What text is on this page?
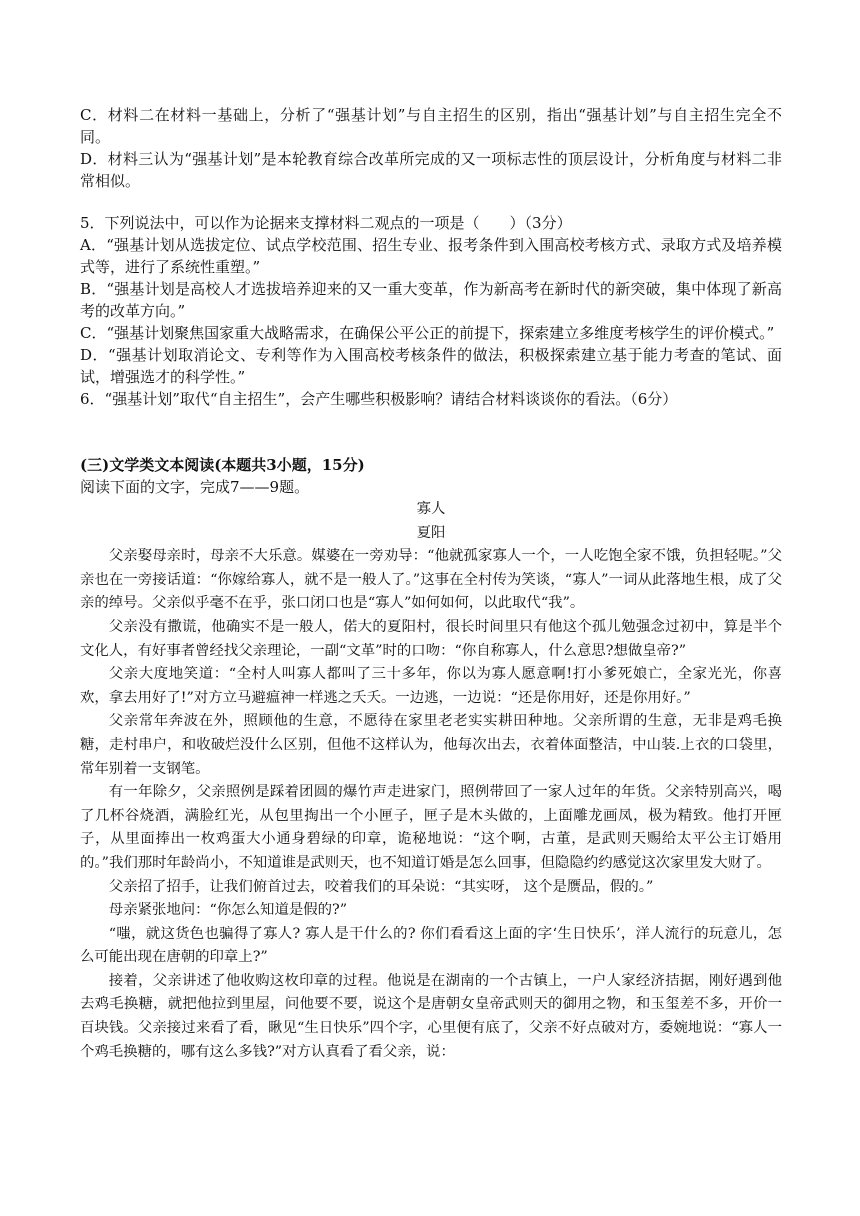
C．材料二在材料一基础上，分析了“强基计划”与自主招生的区别，指出“强基计划”与自主招生完全不同。

D．材料三认为“强基计划”是本轮教育综合改革所完成的又一项标志性的顶层设计，分析角度与材料二非常相似。

5．下列说法中，可以作为论据来支撑材料二观点的一项是（　　）（3分）

A．“强基计划从选拔定位、试点学校范围、招生专业、报考条件到入围高校考核方式、录取方式及培养模式等，进行了系统性重塑。”

B．“强基计划是高校人才选拔培养迎来的又一重大变革，作为新高考在新时代的新突破，集中体现了新高考的改革方向。”

C．“强基计划聚焦国家重大战略需求，在确保公平公正的前提下，探索建立多维度考核学生的评价模式。”

D．“强基计划取消论文、专利等作为入围高校考核条件的做法，积极探索建立基于能力考查的笔试、面试，增强选才的科学性。”

6．“强基计划”取代“自主招生”，会产生哪些积极影响？请结合材料谈谈你的看法。（6分）

(三)文学类文本阅读(本题共3小题，15分)

阅读下面的文字，完成7——9题。

寡人

夏阳

父亲娶母亲时，母亲不大乐意。媒婆在一旁劝导：“他就孤家寡人一个，一人吃饱全家不饿，负担轻呢。”父亲也在一旁接话道：“你嫁给寡人，就不是一般人了。”这事在全村传为笑谈，“寡人”一词从此落地生根，成了父亲的绰号。父亲似乎毫不在乎，张口闭口也是“寡人”如何如何，以此取代“我”。

父亲没有撒谎，他确实不是一般人，偌大的夏阳村，很长时间里只有他这个孤儿勉强念过初中，算是半个文化人，有好事者曾经找父亲理论，一副“文革”时的口吻：“你自称寡人，什么意思?想做皇帝?”

父亲大度地笑道：“全村人叫寡人都叫了三十多年，你以为寡人愿意啊!打小爹死娘亡，全家光光，你喜欢，拿去用好了!”对方立马避瘟神一样逃之夭夭。一边逃，一边说：“还是你用好，还是你用好。”

父亲常年奔波在外，照顾他的生意，不愿待在家里老老实实耕田种地。父亲所谓的生意，无非是鸡毛换糖，走村串户，和收破烂没什么区别，但他不这样认为，他每次出去，衣着体面整洁，中山装.上衣的口袋里，常年别着一支钢笔。

有一年除夕，父亲照例是踩着团圆的爆竹声走进家门，照例带回了一家人过年的年货。父亲特别高兴，喝了几杯谷烧酒，满脸红光，从包里掏出一个小匣子，匣子是木头做的，上面雕龙画凤，极为精致。他打开匣子，从里面捧出一枚鸡蛋大小通身碧绿的印章，诡秘地说：“这个啊，古董，是武则天赐给太平公主订婚用的。”我们那时年龄尚小，不知道谁是武则天，也不知道订婚是怎么回事，但隐隐约约感觉这次家里发大财了。

父亲招了招手，让我们俯首过去，咬着我们的耳朵说：“其实呀， 这个是赝品，假的。”

母亲紧张地问：“你怎么知道是假的?”

“嗤，就这货色也骗得了寡人? 寡人是干什么的? 你们看看这上面的字‘生日快乐’，洋人流行的玩意儿，怎么可能出现在唐朝的印章上?”

接着，父亲讲述了他收购这枚印章的过程。他说是在湖南的一个古镇上，一户人家经济拮据，刚好遇到他去鸡毛换糖，就把他拉到里屋，问他要不要，说这个是唐朝女皇帝武则天的御用之物，和玉玺差不多，开价一百块钱。父亲接过来看了看，瞅见“生日快乐”四个字，心里便有底了，父亲不好点破对方，委婉地说：“寡人一个鸡毛换糖的，哪有这么多钱?”对方认真看了看父亲，说：
